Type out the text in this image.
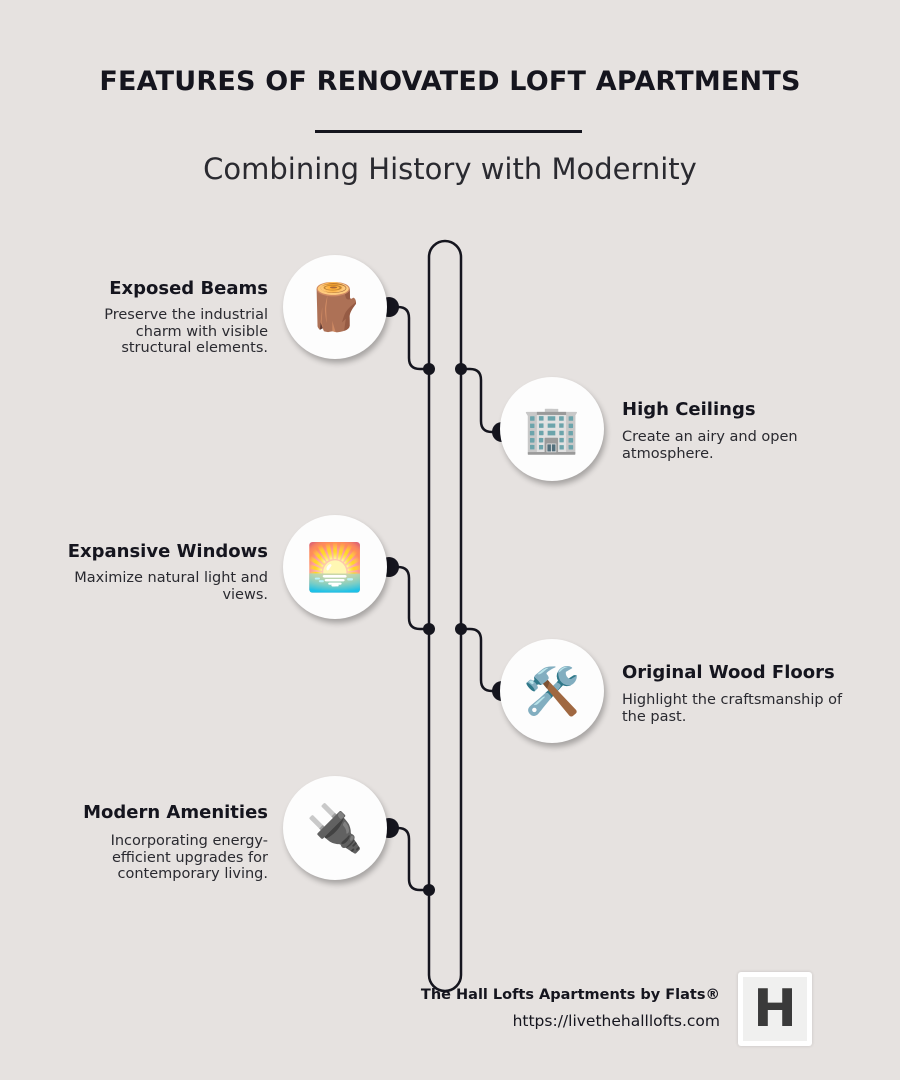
FEATURES OF RENOVATED LOFT APARTMENTS
Combining History with Modernity
🪵
Exposed Beams

Preserve the industrial charm with visible structural elements.

🏢	High Ceilings

Create an airy and open atmosphere.

🌅
Expansive Windows

Maximize natural light and views.

🛠️	Original Wood Floors

Highlight the craftsmanship of the past.

🔌
Modern Amenities

Incorporating energy-efficient upgrades for contemporary living.

The Hall Lofts Apartments by Flats®
https://livethehalllofts.com H
